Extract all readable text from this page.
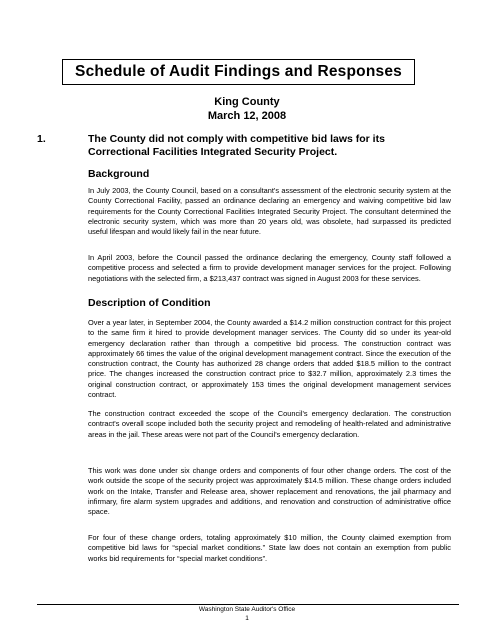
Schedule of Audit Findings and Responses
King County
March 12, 2008
1.	The County did not comply with competitive bid laws for its Correctional Facilities Integrated Security Project.
Background

In July 2003, the County Council, based on a consultant's assessment of the electronic security system at the County Correctional Facility, passed an ordinance declaring an emergency and waiving competitive bid law requirements for the County Correctional Facilities Integrated Security Project. The consultant determined the electronic security system, which was more than 20 years old, was obsolete, had surpassed its predicted useful lifespan and would likely fail in the near future.

In April 2003, before the Council passed the ordinance declaring the emergency, County staff followed a competitive process and selected a firm to provide development manager services for the project. Following negotiations with the selected firm, a $213,437 contract was signed in August 2003 for these services.

Description of Condition

Over a year later, in September 2004, the County awarded a $14.2 million construction contract for this project to the same firm it hired to provide development manager services. The County did so under its year-old emergency declaration rather than through a competitive bid process. The construction contract was approximately 66 times the value of the original development management contract. Since the execution of the construction contract, the County has authorized 28 change orders that added $18.5 million to the contract price. The changes increased the construction contract price to $32.7 million, approximately 2.3 times the original construction contract, or approximately 153 times the original development management services contract.

The construction contract exceeded the scope of the Council's emergency declaration. The construction contract's overall scope included both the security project and remodeling of health-related and administrative areas in the jail. These areas were not part of the Council's emergency declaration.

This work was done under six change orders and components of four other change orders. The cost of the work outside the scope of the security project was approximately $14.5 million. These change orders included work on the Intake, Transfer and Release area, shower replacement and renovations, the jail pharmacy and infirmary, fire alarm system upgrades and additions, and renovation and construction of administrative office space.

For four of these change orders, totaling approximately $10 million, the County claimed exemption from competitive bid laws for “special market conditions.” State law does not contain an exemption from public works bid requirements for “special market conditions”.

Washington State Auditor's Office
1
